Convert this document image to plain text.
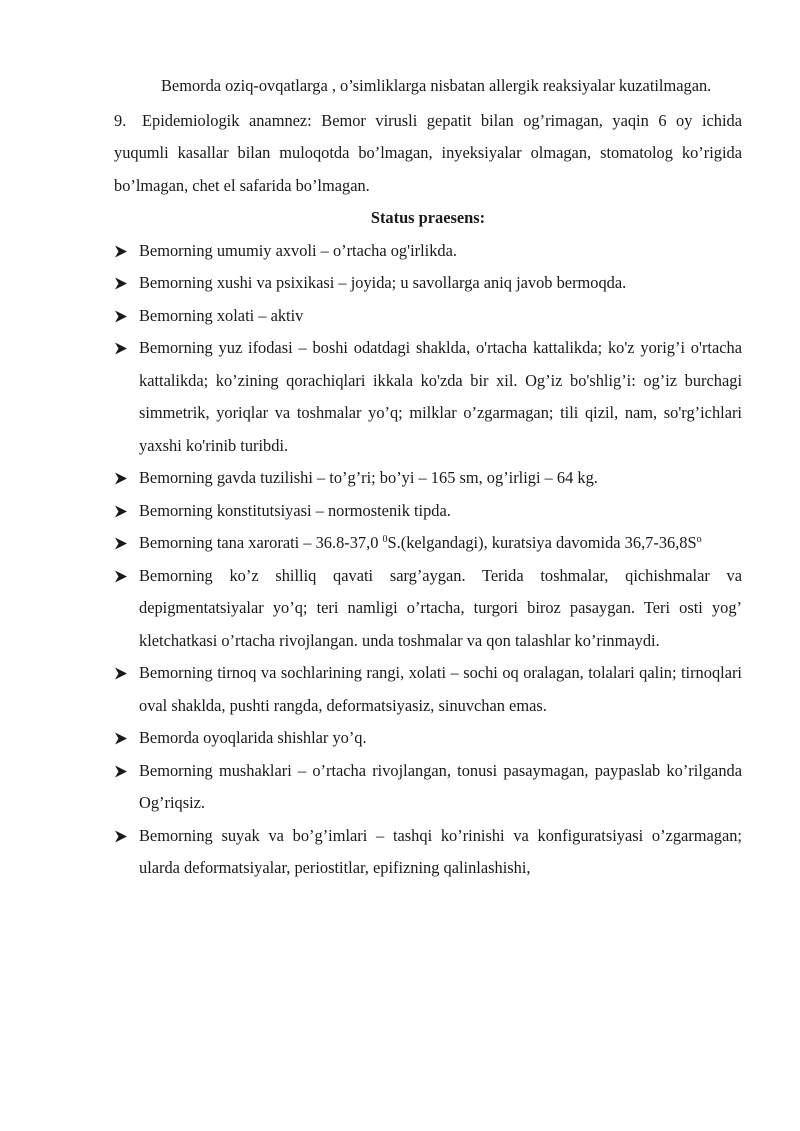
Bemorda oziq-ovqatlarga , o’simliklarga nisbatan allergik reaksiyalar kuzatilmagan.

9. Epidemiologik anamnez: Bemor virusli gepatit bilan og’rimagan, yaqin 6 oy ichida yuqumli kasallar bilan muloqotda bo’lmagan, inyeksiyalar olmagan, stomatolog ko’rigida bo’lmagan, chet el safarida bo’lmagan.

Status praesens:

Bemorning umumiy axvoli – o’rtacha og'irlikda.
Bemorning xushi va psixikasi – joyida; u savollarga aniq javob bermoqda.
Bemorning xolati – aktiv
Bemorning yuz ifodasi – boshi odatdagi shaklda, o'rtacha kattalikda; ko'z yorig’i o'rtacha kattalikda; ko’zining qorachiqlari ikkala ko'zda bir xil. Og’iz bo'shlig’i: og’iz burchagi simmetrik, yoriqlar va toshmalar yo’q; milklar o’zgarmagan; tili qizil, nam, so'rg’ichlari yaxshi ko'rinib turibdi.
Bemorning gavda tuzilishi – to’g’ri; bo’yi – 165 sm, og’irligi – 64 kg.
Bemorning konstitutsiyasi – normostenik tipda.
Bemorning tana xarorati – 36.8-37,0 $^0$S.(kelgandagi), kuratsiya davomida $36,7-36,8S^o$
Bemorning ko’z shilliq qavati sarg’aygan. Terida toshmalar, qichishmalar va depigmentatsiyalar yo’q; teri namligi o’rtacha, turgori biroz pasaygan. Teri osti yog’ kletchatkasi o’rtacha rivojlangan. unda toshmalar va qon talashlar ko’rinmaydi.
Bemorning tirnoq va sochlarining rangi, xolati – sochi oq oralagan, tolalari qalin; tirnoqlari oval shaklda, pushti rangda, deformatsiyasiz, sinuvchan emas.
Bemorda oyoqlarida shishlar yo’q.
Bemorning mushaklari – o’rtacha rivojlangan, tonusi pasaymagan, paypaslab ko’rilganda Og’riqsiz.
Bemorning suyak va bo’g’imlari – tashqi ko’rinishi va konfiguratsiyasi o’zgarmagan; ularda deformatsiyalar, periostitlar, epifizning qalinlashishi,
